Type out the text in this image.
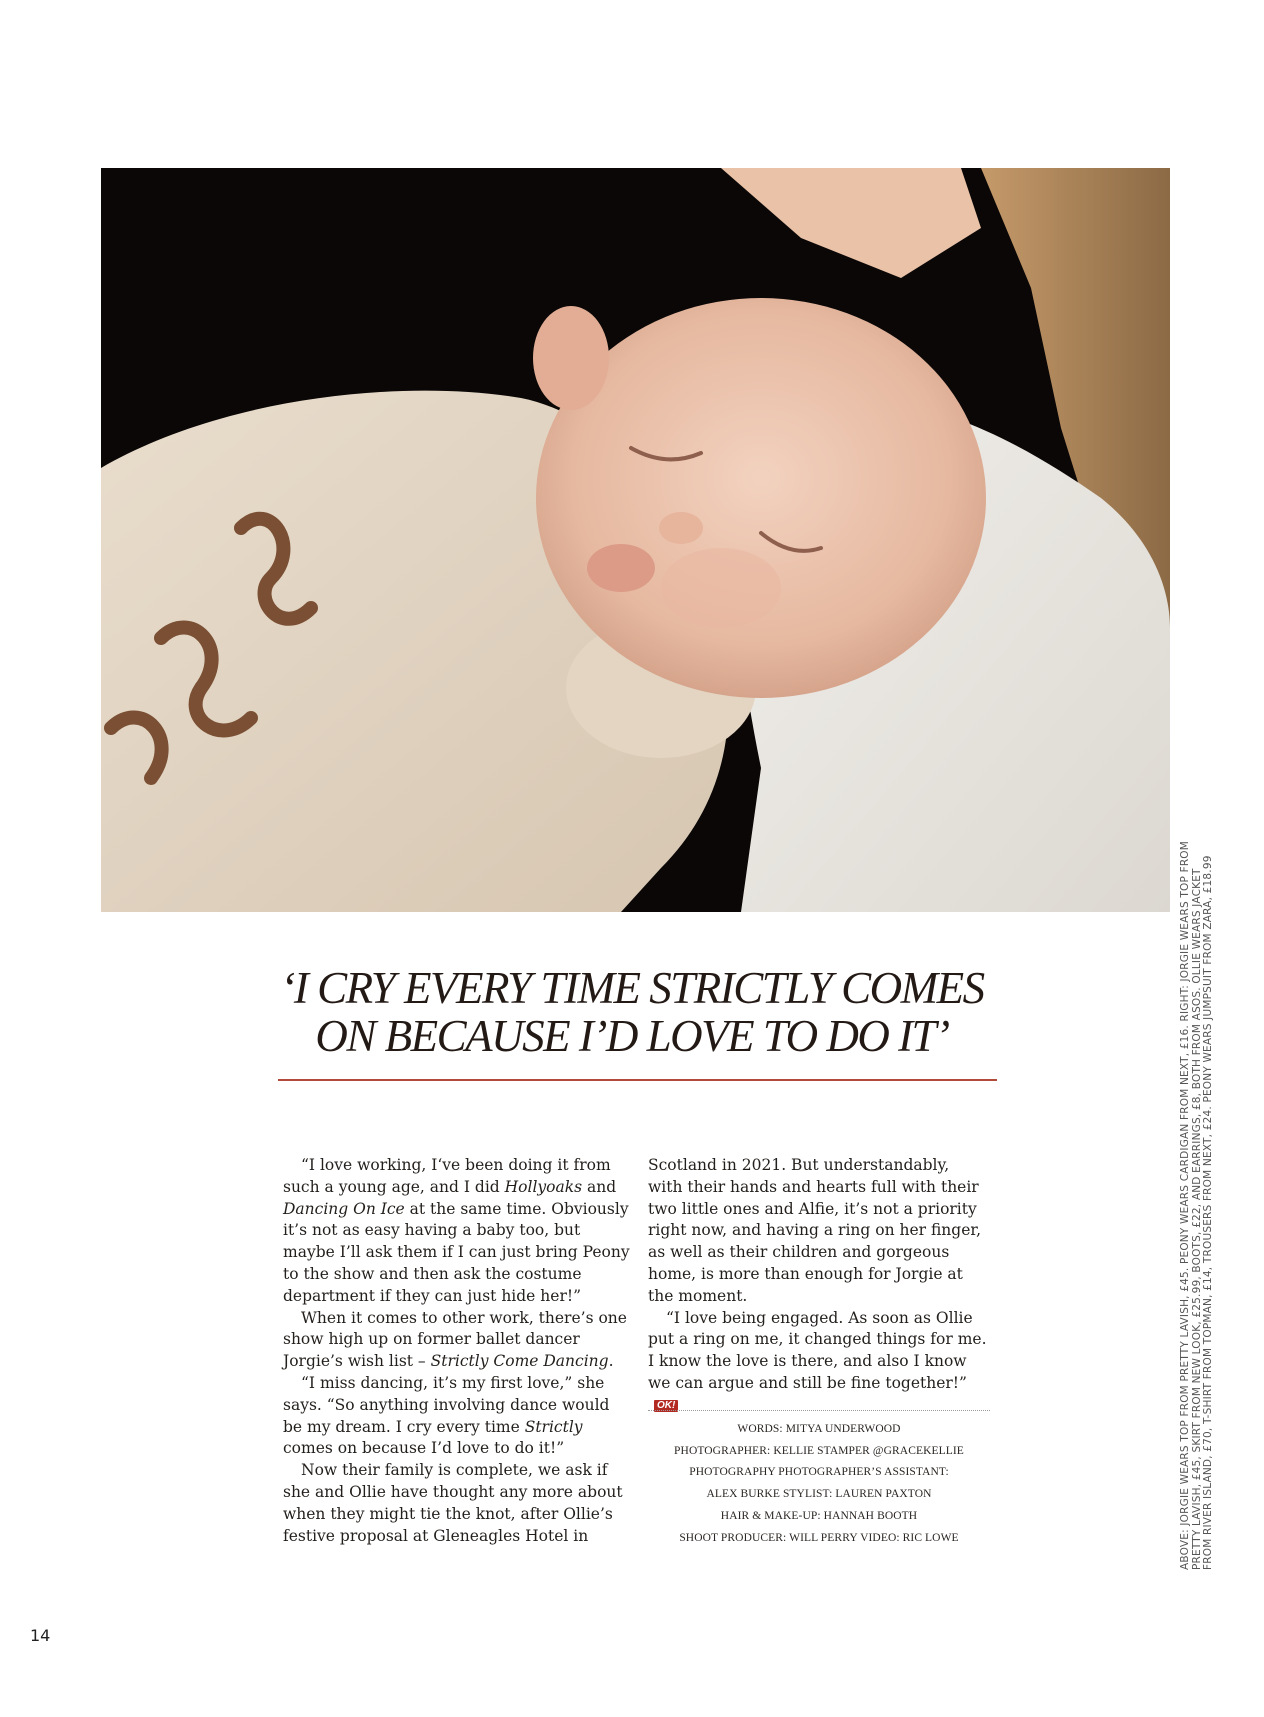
‘I CRY EVERY TIME STRICTLY COMES
ON BECAUSE I’D LOVE TO DO IT’

“I love working, I‘ve been doing it from such a young age, and I did Hollyoaks and Dancing On Ice at the same time. Obviously it’s not as easy having a baby too, but maybe I’ll ask them if I can just bring Peony to the show and then ask the costume department if they can just hide her!”

When it comes to other work, there’s one show high up on former ballet dancer Jorgie’s wish list – Strictly Come Dancing.

“I miss dancing, it’s my first love,” she says. “So anything involving dance would be my dream. I cry every time Strictly comes on because I’d love to do it!”

Now their family is complete, we ask if she and Ollie have thought any more about when they might tie the knot, after Ollie’s festive proposal at Gleneagles Hotel in

Scotland in 2021. But understandably, with their hands and hearts full with their two little ones and Alfie, it’s not a priority right now, and having a ring on her finger, as well as their children and gorgeous home, is more than enough for Jorgie at the moment.

“I love being engaged. As soon as Ollie put a ring on me, it changed things for me. I know the love is there, and also I know we can argue and still be fine together!”OK!

WORDS: MITYA UNDERWOOD
PHOTOGRAPHER: KELLIE STAMPER @GRACEKELLIE
PHOTOGRAPHY PHOTOGRAPHER’S ASSISTANT:
ALEX BURKE STYLIST: LAUREN PAXTON
HAIR & MAKE-UP: HANNAH BOOTH
SHOOT PRODUCER: WILL PERRY VIDEO: RIC LOWE	ABOVE: JORGIE WEARS TOP FROM PRETTY LAVISH, £45. PEONY WEARS CARDIGAN FROM NEXT, £16. RIGHT: JORGIE WEARS TOP FROM PRETTY LAVISH, £45, SKIRT FROM NEW LOOK, £25.99, BOOTS, £22, AND EARRINGS, £8, BOTH FROM ASOS. OLLIE WEARS JACKET FROM RIVER ISLAND, £70, T-SHIRT FROM TOPMAN, £14, TROUSERS FROM NEXT, £24. PEONY WEARS JUMPSUIT FROM ZARA, £18.99
14
